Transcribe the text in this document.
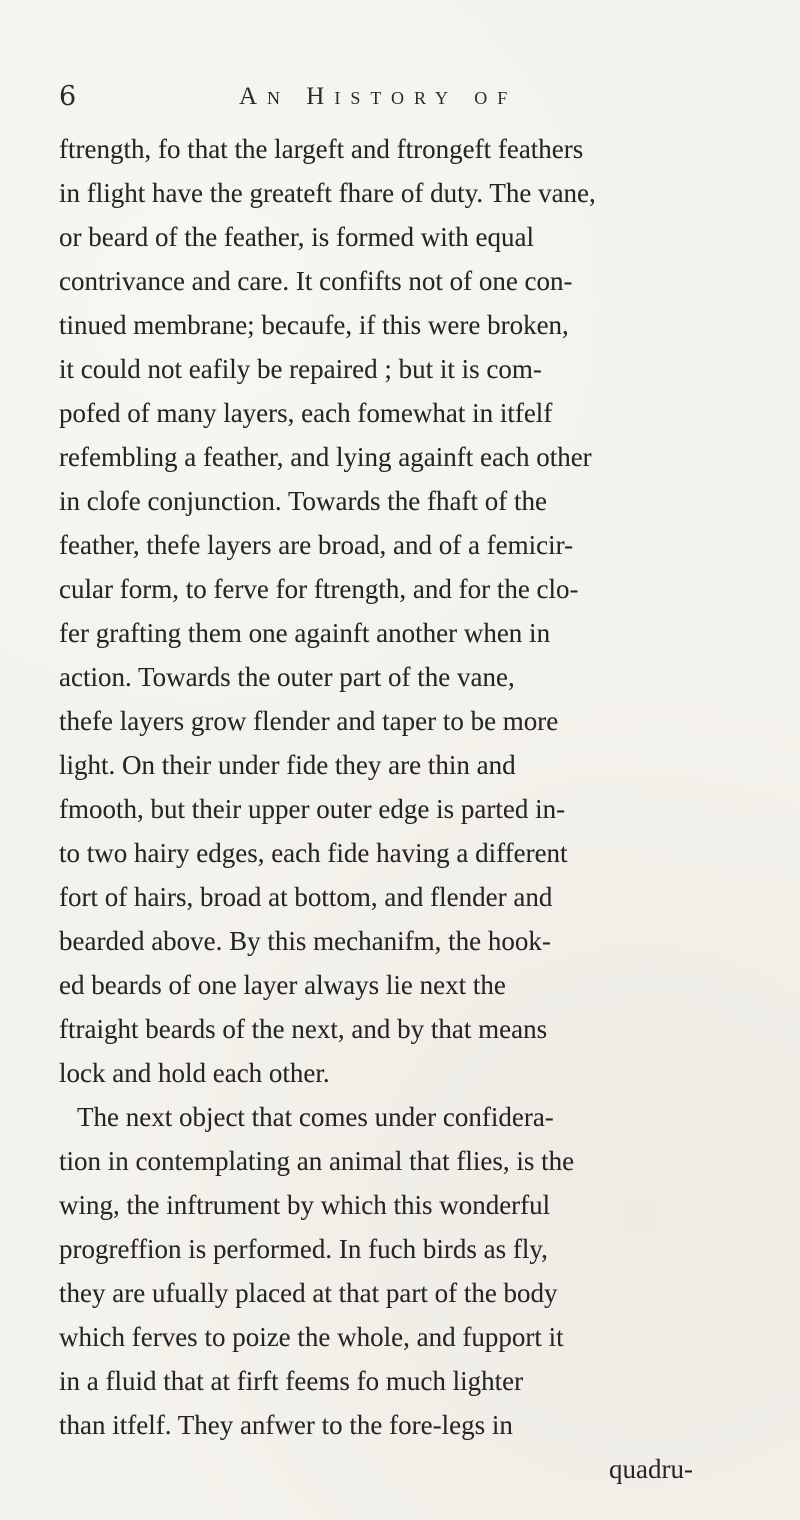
6	An History of
ftrength, fo that the largeft and ftrongeft feathers
in flight have the greateft fhare of duty. The vane,
or beard of the feather, is formed with equal
contrivance and care. It confifts not of one con-
tinued membrane; becaufe, if this were broken,
it could not eafily be repaired ; but it is com-
pofed of many layers, each fomewhat in itfelf
refembling a feather, and lying againft each other
in clofe conjunction. Towards the fhaft of the
feather, thefe layers are broad, and of a femicir-
cular form, to ferve for ftrength, and for the clo-
fer grafting them one againft another when in
action. Towards the outer part of the vane,
thefe layers grow flender and taper to be more
light. On their under fide they are thin and
fmooth, but their upper outer edge is parted in-
to two hairy edges, each fide having a different
fort of hairs, broad at bottom, and flender and
bearded above. By this mechanifm, the hook-
ed beards of one layer always lie next the
ftraight beards of the next, and by that means
lock and hold each other.
The next object that comes under confidera-
tion in contemplating an animal that flies, is the
wing, the inftrument by which this wonderful
progreffion is performed. In fuch birds as fly,
they are ufually placed at that part of the body
which ferves to poize the whole, and fupport it
in a fluid that at firft feems fo much lighter
than itfelf. They anfwer to the fore-legs in
quadru-
